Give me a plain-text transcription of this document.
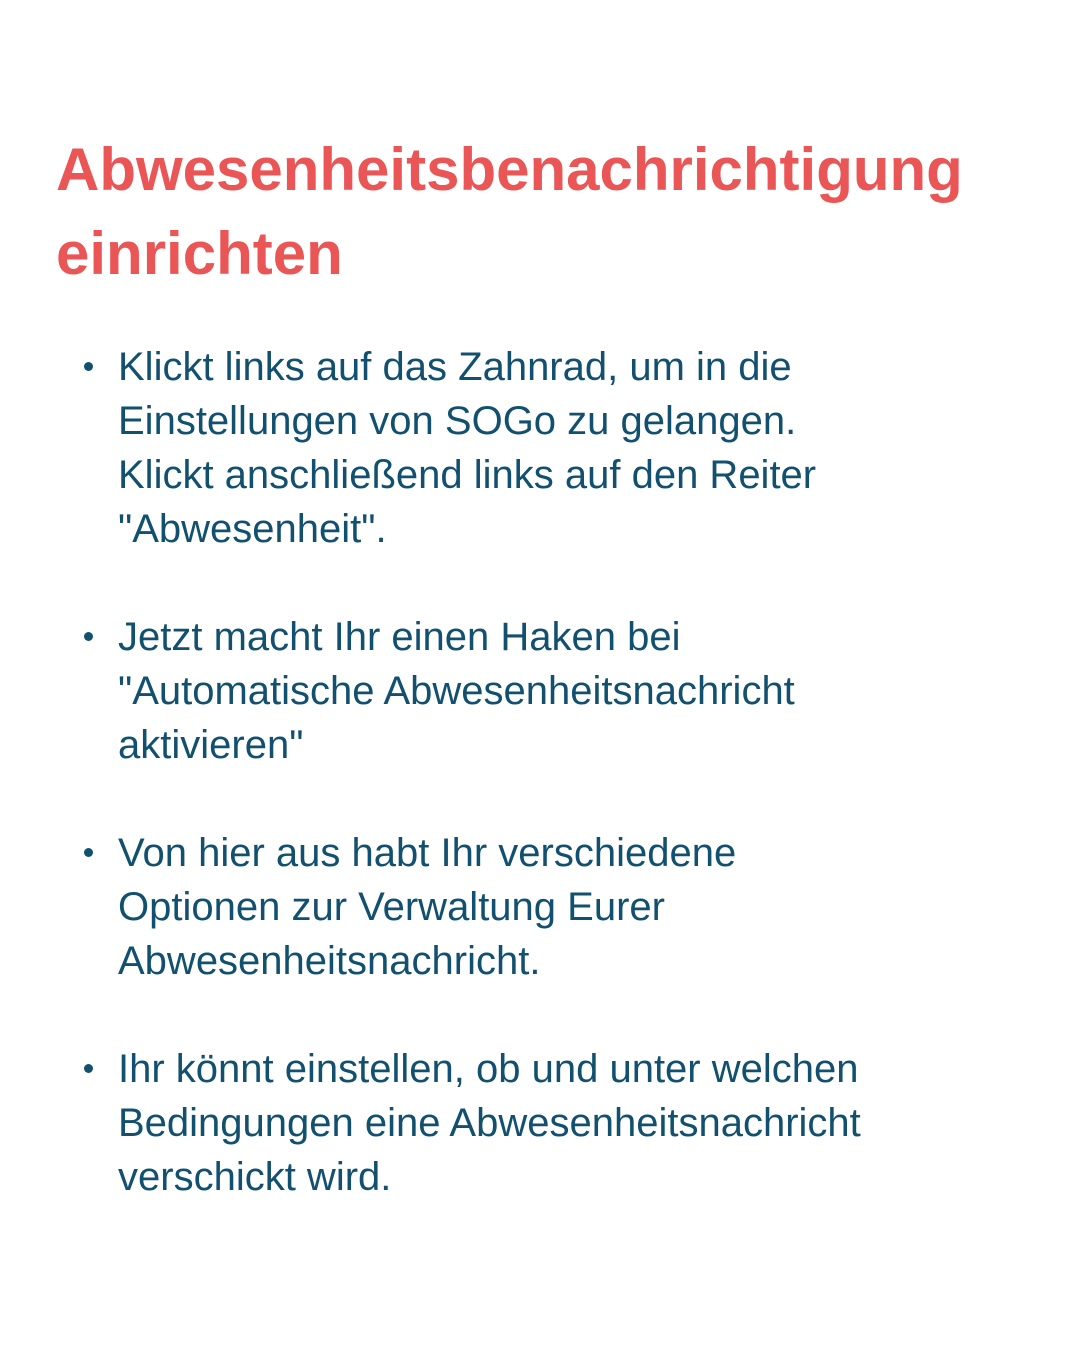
Abwesenheitsbenachrichtigung
einrichten
Klickt links auf das Zahnrad, um in die
Einstellungen von SOGo zu gelangen.
Klickt anschließend links auf den Reiter
"Abwesenheit".
Jetzt macht Ihr einen Haken bei
"Automatische Abwesenheitsnachricht
aktivieren"
Von hier aus habt Ihr verschiedene
Optionen zur Verwaltung Eurer
Abwesenheitsnachricht.
Ihr könnt einstellen, ob und unter welchen
Bedingungen eine Abwesenheitsnachricht
verschickt wird.
